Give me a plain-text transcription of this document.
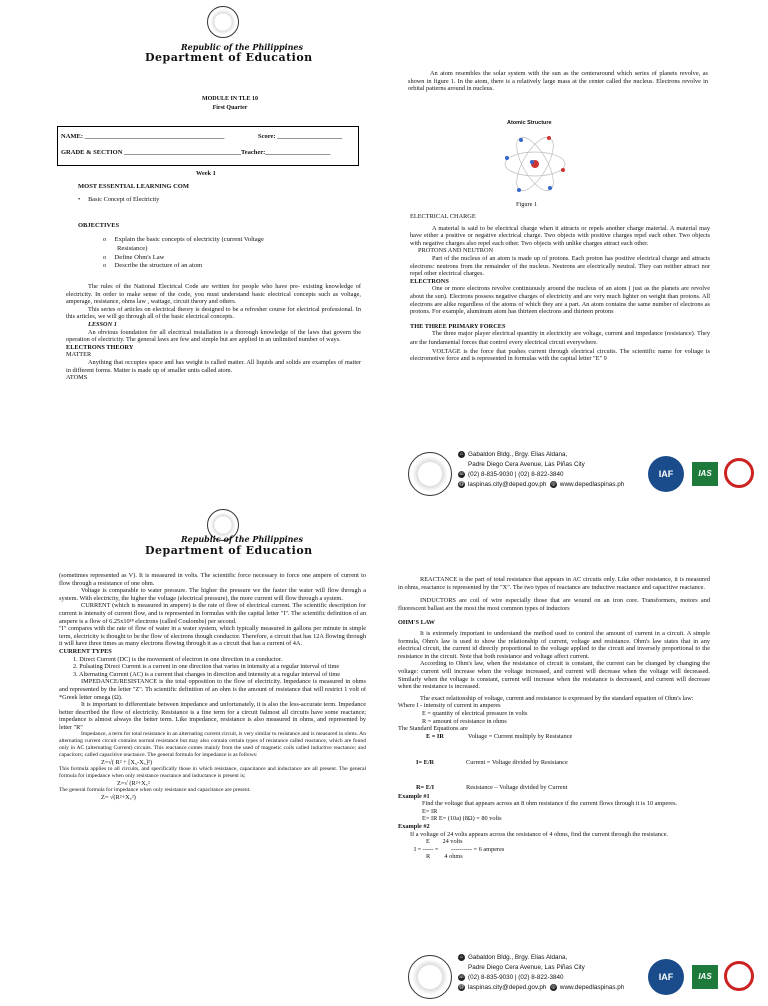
Republic of the Philippines
Department of Education
MODULE IN TLE 10
First Quarter
NAME: ___________________________________________	Score: ____________________
GRADE & SECTION ____________________________________Teacher:____________________
Week 1
MOST ESSENTIAL LEARNING COM
•     Basic Concept of Electricity
OBJECTIVES
o     Explain the basic concepts of electricity (current Voltage
Resistance)
o     Define Ohm's Law
o     Describe the structure of an atom

The rules of the National Electrical Code are written for people who have pre- existing knowledge of electricity. In order to make sense of the code, you must understand basic electrical concepts such as voltage, amperage, resistance, ohms law , wattage, circuit theory and others.

This series of articles on electrical theory is designed to be a refresher course for electrical professional. In this articles, we will go through all of the basic electrical concepts.

LESSON 1

An obvious foundation for all electrical installation is a thorough knowledge of the laws that govern the operation of electricity. The general laws are few and simple but are applied in an unlimited number of ways.

ELECTRONS THEORY

MATTER

Anything that occupies space and has weight is called matter. All liquids and solids are examples of matter in different forms. Matter is made up of smaller units called atom.

ATOMS

An atom resembles the solar system with the sun as the centeraround which series of planets revolve, as shown in figure 1. In the atom, there is a relatively large mass at the center called the nucleus. Electrons revolve in orbital patterns around in nucleus.

Atomic Structure
Figure 1

ELECTRICAL CHARGE

A material is said to be electrical charge when it attracts or repels another charge material. A material may have either a positive or negative electrical charge. Two objects with positive charges repel each other. Two objects with negative charges also repel each other. Two objects with unlike charges attract each other.

PROTONS AND NEUTRON

Part of the nucleus of an atom is made up of protons. Each proton has positive electrical charge and attracts electrons: neutrons from the remainder of the nucleus. Neutrons are electrically neutral. They can neither attract nor repel other electrical charges.

ELECTRONS

One or more electrons revolve continuously around the nucleus of an atom ( just as the planets are revolve about the sun). Electrons possess negative charges of electricity and are very much lighter on weight than protons. All electrons are alike regardless of the atoms of which they are a part. An atom contains the same number of electrons as protons. For example, aluminum atom has thirteen electrons and thirteen protons

THE THREE PRIMARY FORCES

The three major player electrical quantity in electricity are voltage, current and impedance (resistance). They are the fundamental forces that control every electrical circuit everywhere.

VOLTAGE is the force that pushes current through electrical circuits. The scientific name for voltage is electromotive force and is represented in formulas with the capital letter "E" 9

⌂ Gabaldon Bldg., Brgy. Elias Aldana,
Padre Diego Cera Avenue, Las Piñas City
☏ (02) 8-835-9030 | (02) 8-822-3840
@ laspinas.city@deped.gov.ph ◎ www.depedlaspinas.ph
IAF	IAS
Republic of the Philippines
Department of Education

(sometimes represented as V). It is measured in volts. The scientific force necessary to force one ampere of current to flow through a resistance of one ohm.

Voltage is comparable to water pressure. The higher the pressure we the faster the water will flow through a system. With electricity, the higher the voltage (electrical pressure), the more current will flow through a system.

CURRENT (which is measured in ampere) is the rate of flow of electrical current. The scientific description for current is intensity of current flow, and is represented in formulas with the capital letter "I". The scientific definition of an ampere is a flow of 6.25x10¹⁸ electrons (called Coulombs) per second.

"I" compares with the rate of flow of water in a water system, which typically measured in gallons per minute in simple term, electricity is thought to be the flow of electrons though conductor. Therefore, a circuit that has 12A flowing through it will have three times as many electrons flowing through it as a circuit that has a current of 4A.

CURRENT TYPES

1. Direct Current (DC) is the movement of electron in one direction in a conductor.
2. Pulsating Direct Current is a current in one direction that varies in intensity at a regular interval of time
3. Alternating Current (AC) is a current that changes in direction and intensity at a regular interval of time

IMPEDANCE/RESISTANCE is the total opposition to the flow of electricity. Impedance is measured in ohms and represented by the letter "Z". Th scientific definition of an ohm is the amount of resistance that will restrict 1 volt of *Greek letter omega (Ω).

It is important to differentiate between impedance and unfortunately, it is also the less-accurate term. Impedance better described the flow of electricity. Resistance is a fine term for a circuit 0almost all circuits have some reactance; impedance is almost always the better term. Like impedance, resistance is also measured in ohms, and represented by letter "R"

Impedance, a term for total resistance in an alternating current circuit, is very similar to resistance and is measured in ohms. An alternating current circuit contains normal resistance but may also contain certain types of resistance called reactance, which are found only in AC (alternating Current) circuits. This reactance comes mainly from the used of magnetic coils called inductive reactance; and capacitors; called capacitive reactance. The general formula for impedance is as follows:

Z=√( R² + [X꜀-X꜀]²)

This formula applies to all circuits, and specifically those in which resistance, capacitance and inductance are all present. The general formula for impedance when only resistance reactance and inductance is present is;

Z=√ (R²+X꜀²

The general formula for impedance when only resistance and capacitance are present.

Z= √(R²+X꜀²)

REACTANCE is the part of total resistance that appears in AC circuits only. Like other resistance, it is measured in ohms, reactance is represented by the "X". The two types of reactance are inductive reactance and capacitive reactance.

INDUCTORS are coil of wire especially those that are wound on an iron core. Transformers, motors and fluorescent ballast are the most the most common types of inductors

OHM'S LAW

It is extremely important to understand the method used to control the amount of current in a circuit. A simple formula, Ohm's law is used to show the relationship of current, voltage and resistance. Ohm's law states that in any electrical circuit, the current id directly proportional to the voltage applied to the circuit and inversely proportional to the resistance in the circuit. Note that both resistance and voltage affect current.

According to Ohm's law, when the resistance of circuit is constant, the current can be changed by changing the voltage: current will increase when the voltage increased, and current will decrease when the voltage will decreased. Similarly when the voltage is constant, current will increase when the resistance is decreased, and current will decrease when the resistance is increased.

The exact relationship of voltage, current and resistance is expressed by the standard equation of Ohm's law:

Where I - intensity of current in amperes

E = quantity of electrical pressure in volts

R = amount of resistance in ohms

The Standard Equations are

E = IR	Voltage = Current multiply by Resistance
I= E/R	Current = Voltage divided by Resistance
R= E/I	Resistance – Voltage divided by Current

Example #1

Find the voltage that appears across an 8 ohm resistance if the current flows through it is 10 amperes.

E= IR

E= IR E= (10a) (8Ω) = 80 volts

Example #2

If a voltage of 24 volts appears across the resistance of 4 ohms, find the current through the resistance.

E        24 volts

I = ----- =        ---------- = 6 amperes

R         4 ohms

⌂ Gabaldon Bldg., Brgy. Elias Aldana,
Padre Diego Cera Avenue, Las Piñas City
☏ (02) 8-835-9030 | (02) 8-822-3840
@ laspinas.city@deped.gov.ph ◎ www.depedlaspinas.ph
IAF	IAS
